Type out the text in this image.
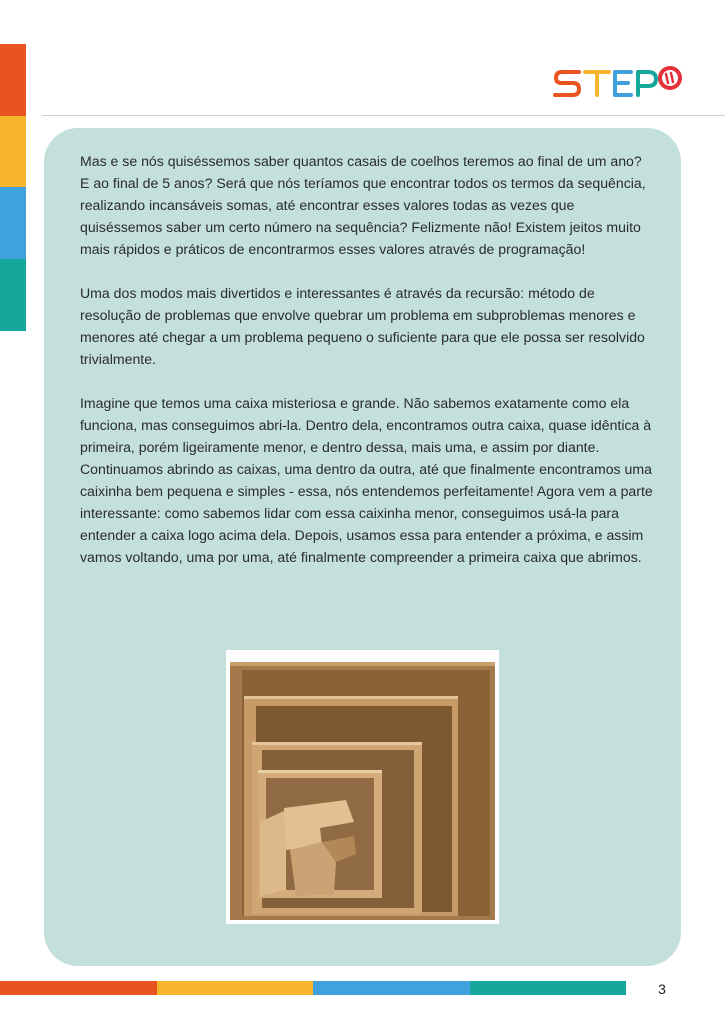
Mas e se nós quiséssemos saber quantos casais de coelhos teremos ao final de um ano? E ao final de 5 anos? Será que nós teríamos que encontrar todos os termos da sequência, realizando incansáveis somas, até encontrar esses valores todas as vezes que quiséssemos saber um certo número na sequência? Felizmente não! Existem jeitos muito mais rápidos e práticos de encontrarmos esses valores através de programação!

Uma dos modos mais divertidos e interessantes é através da recursão: método de resolução de problemas que envolve quebrar um problema em subproblemas menores e menores até chegar a um problema pequeno o suficiente para que ele possa ser resolvido trivialmente.

Imagine que temos uma caixa misteriosa e grande. Não sabemos exatamente como ela funciona, mas conseguimos abri-la. Dentro dela, encontramos outra caixa, quase idêntica à primeira, porém ligeiramente menor, e dentro dessa, mais uma, e assim por diante. Continuamos abrindo as caixas, uma dentro da outra, até que finalmente encontramos uma caixinha bem pequena e simples - essa, nós entendemos perfeitamente! Agora vem a parte interessante: como sabemos lidar com essa caixinha menor, conseguimos usá-la para entender a caixa logo acima dela. Depois, usamos essa para entender a próxima, e assim vamos voltando, uma por uma, até finalmente compreender a primeira caixa que abrimos.

3
